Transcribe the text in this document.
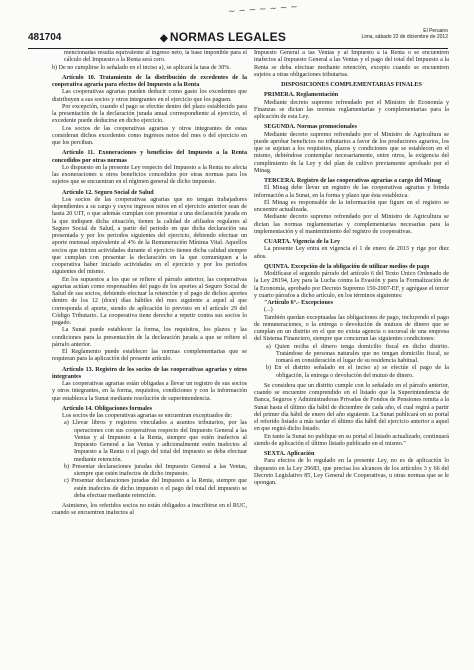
~ ~ ~ ~ ~ ~ ~
481704	◆ NORMAS LEGALES	El Peruano
Lima, sábado 22 de diciembre de 2012

mencionadas resulta equivalente al ingreso neto, la base imponible para el cálculo del Impuesto a la Renta será cero.

b) De no cumplirse lo señalado en el inciso a), se aplicará la tasa de 30%.

Artículo 10. Tratamiento de la distribución de excedentes de la cooperativa agraria para efectos del Impuesto a la Renta

Las cooperativas agrarias pueden deducir como gasto los excedentes que distribuyen a sus socios y otros integrantes en el ejercicio que los paguen.

Por excepción, cuando el pago se efectúe dentro del plazo establecido para la presentación de la declaración jurada anual correspondiente al ejercicio, el excedente puede deducirse en dicho ejercicio.

Los socios de las cooperativas agrarias y otros integrantes de estas consideran dichos excedentes como ingresos netos del mes o del ejercicio en que los perciban.

Artículo 11. Exoneraciones y beneficios del Impuesto a la Renta concedidos por otras normas

Lo dispuesto en la presente Ley respecto del Impuesto a la Renta no afecta las exoneraciones u otros beneficios concedidos por otras normas para los sujetos que se encuentran en el régimen general de dicho impuesto.

Artículo 12. Seguro Social de Salud

Los socios de las cooperativas agrarias que no tengan trabajadores dependientes a su cargo y cuyos ingresos netos en el ejercicio anterior sean de hasta 20 UIT, o que además cumplan con presentar a una declaración jurada en la que indiquen dicha situación, tienen la calidad de afiliados regulares al Seguro Social de Salud, a partir del periodo en que dicha declaración sea presentada y por los periodos siguientes del ejercicio, debiendo efectuar un aporte mensual equivalente al 4% de la Remuneración Mínima Vital. Aquellos socios que inicien actividades durante el ejercicio tienen dicha calidad siempre que cumplan con presentar la declaración en la que comuniquen a la cooperativa haber iniciado actividades en el ejercicio y por los periodos siguientes del mismo.

En los supuestos a los que se refiere el párrafo anterior, las cooperativas agrarias actúan como responsables del pago de los aportes al Seguro Social de Salud de sus socios, debiendo efectuar la retención y el pago de dichos aportes dentro de los 12 (doce) días hábiles del mes siguiente a aquel al que corresponda el aporte, siendo de aplicación lo previsto en el artículo 29 del Código Tributario. La cooperativa tiene derecho a repetir contra sus socios lo pagado.

La Sunat puede establecer la forma, los requisitos, los plazos y las condiciones para la presentación de la declaración jurada a que se refiere el párrafo anterior.

El Reglamento puede establecer las normas complementarias que se requieran para la aplicación del presente artículo.

Artículo 13. Registro de los socios de las cooperativas agrarias y otros integrantes

Las cooperativas agrarias están obligadas a llevar un registro de sus socios y otros integrantes, en la forma, requisitos, condiciones y con la información que establezca la Sunat mediante resolución de superintendencia.

Artículo 14. Obligaciones formales

Los socios de las cooperativas agrarias se encuentran exceptuados de:

a) Llevar libros y registros vinculados a asuntos tributarios, por las operaciones con sus cooperativas respecto del Impuesto General a las Ventas y al Impuesto a la Renta, siempre que estén inafectos al Impuesto General a las Ventas y adicionalmente estén inafectos al Impuesto a la Renta o el pago del total del impuesto se deba efectuar mediante retención.

b) Presentar declaraciones juradas del Impuesto General a las Ventas, siempre que estén inafectos de dicho impuesto.

c) Presentar declaraciones juradas del Impuesto a la Renta, siempre que estén inafectos de dicho impuesto o el pago del total del impuesto se deba efectuar mediante retención.

Asimismo, los referidos socios no están obligados a inscribirse en el RUC, cuando se encuentren inafectos al

Impuesto General a las Ventas y al Impuesto a la Renta o se encuentren inafectos al Impuesto General a las Ventas y el pago del total del Impuesto a la Renta se deba efectuar mediante retención, excepto cuando se encuentren sujetos a otras obligaciones tributarias.

DISPOSICIONES COMPLEMENTARIAS FINALES

PRIMERA. Reglamentación

Mediante decreto supremo refrendado por el Ministro de Economía y Finanzas se dictan las normas reglamentarias y complementarias para la aplicación de esta Ley.

SEGUNDA. Normas promocionales

Mediante decreto supremo refrendado por el Ministro de Agricultura se puede aprobar beneficios no tributarios a favor de los productores agrarios, los que se sujetan a los requisitos, plazos y condiciones que se establecen en el mismo, debiéndose contemplar necesariamente, entre otros, la exigencia del cumplimiento de la Ley y del plan de cultivo previamente aprobado por el Minag.

TERCERA. Registro de las cooperativas agrarias a cargo del Minag

El Minag debe llevar un registro de las cooperativas agrarias y brinda información a la Sunat, en la forma y plazo que ésta establezca.

El Minag es responsable de la información que figure en el registro se encuentre actualizada.

Mediante decreto supremo refrendado por el Ministro de Agricultura se dictan las normas reglamentarias y complementarias necesarias para la implementación y el mantenimiento del registro de cooperativas.

CUARTA. Vigencia de la Ley

La presente Ley entra en vigencia el 1 de enero de 2013 y rige por diez años.

QUINTA. Excepción de la obligación de utilizar medios de pago

Modifícase el segundo párrafo del artículo 6 del Texto Único Ordenado de la Ley 28194, Ley para la Lucha contra la Evasión y para la Formalización de la Economía, aprobado por Decreto Supremo 150-2007-EF, y agrégase el tercer y cuarto párrafos a dicho artículo, en los términos siguientes:

"Artículo 6°.- Excepciones

(...)

También quedan exceptuadas las obligaciones de pago, incluyendo el pago de remuneraciones, o la entrega o devolución de mutuos de dinero que se cumplan en un distrito en el que no exista agencia o sucursal de una empresa del Sistema Financiero, siempre que concurran las siguientes condiciones:

a) Quien reciba el dinero tenga domicilio fiscal en dicho distrito. Tratándose de personas naturales que no tengan domicilio fiscal, se tomará en consideración el lugar de su residencia habitual.

b) En el distrito señalado en el inciso a) se efectúe el pago de la obligación, la entrega o devolución del mutuo de dinero.

Se considera que un distrito cumple con lo señalado en el párrafo anterior, cuando se encuentre comprendido en el listado que la Superintendencia de Banca, Seguros y Administradoras Privadas de Fondos de Pensiones remita a la Sunat hasta el último día hábil de diciembre de cada año, el cual regirá a partir del primer día hábil de enero del año siguiente. La Sunat publicará en su portal el referido listado a más tardar el último día hábil del ejercicio anterior a aquel en que regirá dicho listado.

En tanto la Sunat no publique en su portal el listado actualizado, continuará siendo de aplicación el último listado publicado en el mismo."

SEXTA. Aplicación

Para efectos de lo regulado en la presente Ley, no es de aplicación lo dispuesto en la Ley 29683, que precisa los alcances de los artículos 3 y 66 del Decreto Legislativo 85, Ley General de Cooperativas, u otras normas que se le opongan.
